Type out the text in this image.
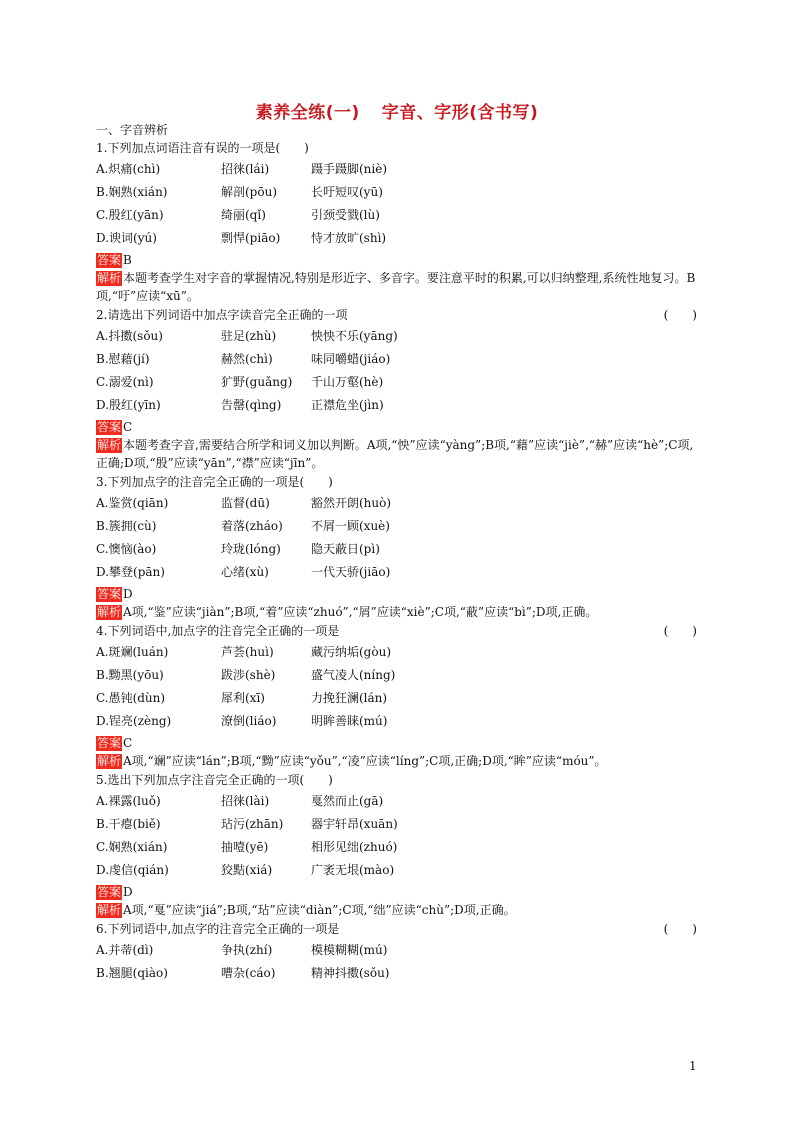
素养全练(一) 字音、字形(含书写)
一、字音辨析
1.下列加点词语注音有误的一项是(　　)
A.炽痛(chì)	招徕(lái)	蹑手蹑脚(niè)
B.娴熟(xián)	解剖(pōu)	长吁短叹(yū)
C.殷红(yān)	绮丽(qǐ)	引颈受戮(lù)
D.谀词(yú)	剽悍(piāo)	恃才放旷(shì)
答案 B
解析 本题考查学生对字音的掌握情况,特别是形近字、多音字。要注意平时的积累,可以归纳整理,系统性地复习。B项,“吁”应读“xū”。
2.请选出下列词语中加点字读音完全正确的一项	(　　)
A.抖擞(sǒu)	驻足(zhù)	怏怏不乐(yāng)
B.慰藉(jí)	赫然(chì)	味同嚼蜡(jiáo)
C.溺爱(nì)	犷野(guǎng) 千山万壑(hè)
D.殷红(yīn)	告罄(qìng) 正襟危坐(jìn)
答案 C
解析 本题考查字音,需要结合所学和词义加以判断。A项,“怏”应读“yàng”;B项,“藉”应读“jiè”,“赫”应读“hè”;C项,正确;D项,“殷”应读“yān”,“襟”应读“jīn”。
3.下列加点字的注音完全正确的一项是(　　)
A.鉴赏(qiān)	监督(dū)	豁然开朗(huò)
B.簇拥(cù)	着落(zháo) 不屑一顾(xuè)
C.懊恼(ào)	玲珑(lóng)	隐天蔽日(pì)
D.攀登(pān)	心绪(xù)	一代天骄(jiāo)
答案 D
解析 A项,“鉴”应读“jiàn”;B项,“着”应读“zhuó”,“屑”应读“xiè”;C项,“蔽”应读“bì”;D项,正确。
4.下列词语中,加点字的注音完全正确的一项是	(　　)
A.斑斓(luán)	芦荟(huì)	藏污纳垢(gòu)
B.黝黑(yōu)	跋涉(shè)	盛气凌人(níng)
C.愚钝(dùn)	犀利(xī)	力挽狂澜(lán)
D.锃亮(zèng)	潦倒(liáo)	明眸善睐(mú)
答案 C
解析 A项,“斓”应读“lán”;B项,“黝”应读“yǒu”,“凌”应读“líng”;C项,正确;D项,“眸”应读“móu”。
5.选出下列加点字注音完全正确的一项(　　)
A.裸露(luǒ)	招徕(lài)	戛然而止(gā)
B.干瘪(biě)	玷污(zhān) 器宇轩昂(xuān)
C.娴熟(xián)	抽噎(yē)	相形见绌(zhuó)
D.虔信(qián)	狡黠(xiá)	广袤无垠(mào)
答案 D
解析 A项,“戛”应读“jiá”;B项,“玷”应读“diàn”;C项,“绌”应读“chù”;D项,正确。
6.下列词语中,加点字的注音完全正确的一项是	(　　)
A.并蒂(dì)	争执(zhí)	模模糊糊(mú)
B.翘腿(qiào)	嘈杂(cáo)	精神抖擞(sǒu)
1
